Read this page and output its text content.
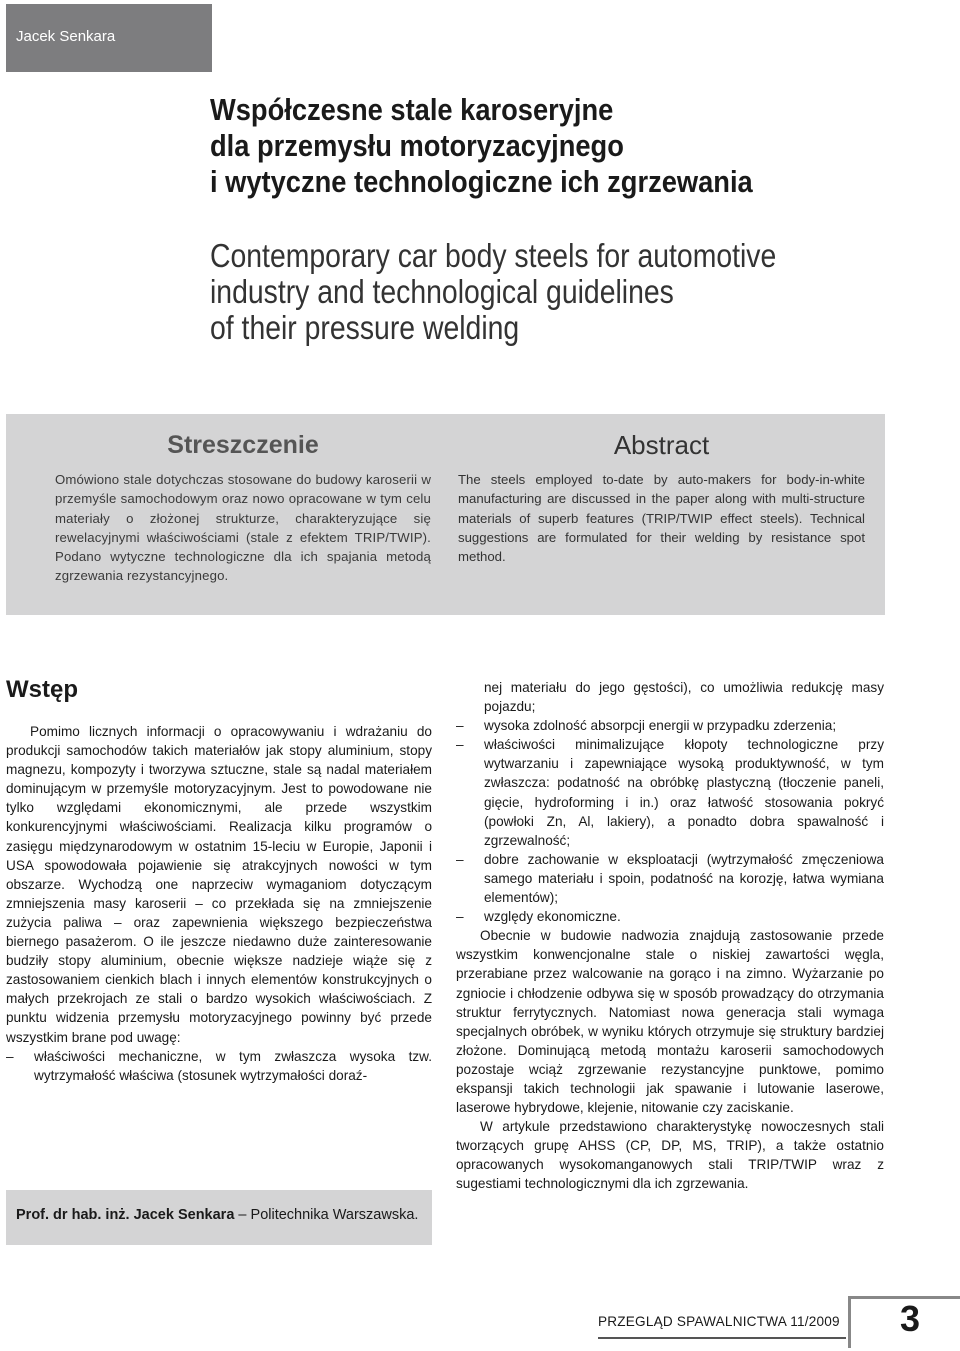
Jacek Senkara
Współczesne stale karoseryjne
dla przemysłu motoryzacyjnego
i wytyczne technologiczne ich zgrzewania
Contemporary car body steels for automotive
industry and technological guidelines
of their pressure welding
Streszczenie

Omówiono stale dotychczas stosowane do budowy karoserii w przemyśle samochodowym oraz nowo opracowane w tym celu materiały o złożonej strukturze, charakteryzujące się rewelacyjnymi właściwościami (stale z efektem TRIP/TWIP). Podano wytyczne technologiczne dla ich spajania metodą zgrzewania rezystancyjnego.

Abstract

The steels employed to-date by auto-makers for body-in-white manufacturing are discussed in the paper along with multi-structure materials of superb features (TRIP/TWIP effect steels). Technical suggestions are formulated for their welding by resistance spot method.

Wstęp

Pomimo licznych informacji o opracowywaniu i wdrażaniu do produkcji samochodów takich materiałów jak stopy aluminium, stopy magnezu, kompozyty i tworzywa sztuczne, stale są nadal materiałem dominującym w przemyśle motoryzacyjnym. Jest to powodowane nie tylko względami ekonomicznymi, ale przede wszystkim konkurencyjnymi właściwościami. Realizacja kilku programów o zasięgu międzynarodowym w ostatnim 15-leciu w Europie, Japonii i USA spowodowała pojawienie się atrakcyjnych nowości w tym obszarze. Wychodzą one naprzeciw wymaganiom dotyczącym zmniejszenia masy karoserii – co przekłada się na zmniejszenie zużycia paliwa – oraz zapewnienia większego bezpieczeństwa biernego pasażerom. O ile jeszcze niedawno duże zainteresowanie budziły stopy aluminium, obecnie większe nadzieje wiąże się z zastosowaniem cienkich blach i innych elementów konstrukcyjnych o małych przekrojach ze stali o bardzo wysokich właściwościach. Z punktu widzenia przemysłu motoryzacyjnego powinny być przede wszystkim brane pod uwagę:

– właściwości mechaniczne, w tym zwłaszcza wysoka tzw. wytrzymałość właściwa (stosunek wytrzymałości doraź-

Prof. dr hab. inż. Jacek Senkara – Politechnika Warszawska.

nej materiału do jego gęstości), co umożliwia redukcję masy pojazdu;

– wysoka zdolność absorpcji energii w przypadku zderzenia;

– właściwości minimalizujące kłopoty technologiczne przy wytwarzaniu i zapewniające wysoką produktywność, w tym zwłaszcza: podatność na obróbkę plastyczną (tłoczenie paneli, gięcie, hydroforming i in.) oraz łatwość stosowania pokryć (powłoki Zn, Al, lakiery), a ponadto dobra spawalność i zgrzewalność;

– dobre zachowanie w eksploatacji (wytrzymałość zmęczeniowa samego materiału i spoin, podatność na korozję, łatwa wymiana elementów);

– względy ekonomiczne.

Obecnie w budowie nadwozia znajdują zastosowanie przede wszystkim konwencjonalne stale o niskiej zawartości węgla, przerabiane przez walcowanie na gorąco i na zimno. Wyżarzanie po zgniocie i chłodzenie odbywa się w sposób prowadzący do otrzymania struktur ferrytycznych. Natomiast nowa generacja stali wymaga specjalnych obróbek, w wyniku których otrzymuje się struktury bardziej złożone. Dominującą metodą montażu karoserii samochodowych pozostaje wciąż zgrzewanie rezystancyjne punktowe, pomimo ekspansji takich technologii jak spawanie i lutowanie laserowe, laserowe hybrydowe, klejenie, nitowanie czy zaciskanie.

W artykule przedstawiono charakterystykę nowoczesnych stali tworzących grupę AHSS (CP, DP, MS, TRIP), a także ostatnio opracowanych wysokomanganowych stali TRIP/TWIP wraz z sugestiami technologicznymi dla ich zgrzewania.

PRZEGLĄD SPAWALNICTWA 11/2009	3
